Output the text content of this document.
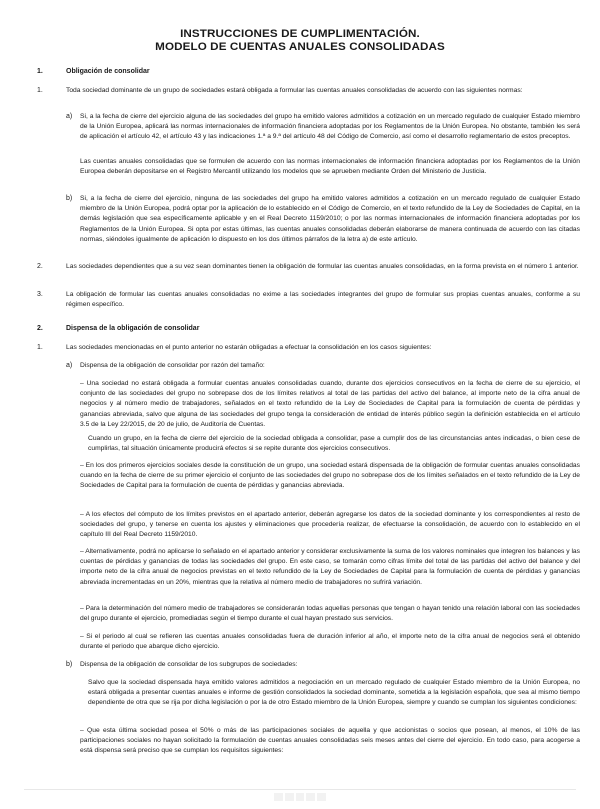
INSTRUCCIONES DE CUMPLIMENTACIÓN.
MODELO DE CUENTAS ANUALES CONSOLIDADAS
1.	Obligación de consolidar
1.	Toda sociedad dominante de un grupo de sociedades estará obligada a formular las cuentas anuales consolidadas de acuerdo con las siguientes normas:
a) Si, a la fecha de cierre del ejercicio alguna de las sociedades del grupo ha emitido valores admitidos a cotización en un mercado regulado de cualquier Estado miembro de la Unión Europea, aplicará las normas internacionales de información financiera adoptadas por los Reglamentos de la Unión Europea. No obstante, también les será de aplicación el artículo 42, el artículo 43 y las indicaciones 1.ª a 9.ª del artículo 48 del Código de Comercio, así como el desarrollo reglamentario de estos preceptos.
Las cuentas anuales consolidadas que se formulen de acuerdo con las normas internacionales de información financiera adoptadas por los Reglamentos de la Unión Europea deberán depositarse en el Registro Mercantil utilizando los modelos que se aprueben mediante Orden del Ministerio de Justicia.
b) Si, a la fecha de cierre del ejercicio, ninguna de las sociedades del grupo ha emitido valores admitidos a cotización en un mercado regulado de cualquier Estado miembro de la Unión Europea, podrá optar por la aplicación de lo establecido en el Código de Comercio, en el texto refundido de la Ley de Sociedades de Capital, en la demás legislación que sea específicamente aplicable y en el Real Decreto 1159/2010; o por las normas internacionales de información financiera adoptadas por los Reglamentos de la Unión Europea. Si opta por estas últimas, las cuentas anuales consolidadas deberán elaborarse de manera continuada de acuerdo con las citadas normas, siéndoles igualmente de aplicación lo dispuesto en los dos últimos párrafos de la letra a) de este artículo.
2.	Las sociedades dependientes que a su vez sean dominantes tienen la obligación de formular las cuentas anuales consolidadas, en la forma prevista en el número 1 anterior.
3.	La obligación de formular las cuentas anuales consolidadas no exime a las sociedades integrantes del grupo de formular sus propias cuentas anuales, conforme a su régimen específico.
2.	Dispensa de la obligación de consolidar
1.	Las sociedades mencionadas en el punto anterior no estarán obligadas a efectuar la consolidación en los casos siguientes:
a) Dispensa de la obligación de consolidar por razón del tamaño:
– Una sociedad no estará obligada a formular cuentas anuales consolidadas cuando, durante dos ejercicios consecutivos en la fecha de cierre de su ejercicio, el conjunto de las sociedades del grupo no sobrepase dos de los límites relativos al total de las partidas del activo del balance, al importe neto de la cifra anual de negocios y al número medio de trabajadores, señalados en el texto refundido de la Ley de Sociedades de Capital para la formulación de cuenta de pérdidas y ganancias abreviada, salvo que alguna de las sociedades del grupo tenga la consideración de entidad de interés público según la definición establecida en el artículo 3.5 de la Ley 22/2015, de 20 de julio, de Auditoría de Cuentas.
Cuando un grupo, en la fecha de cierre del ejercicio de la sociedad obligada a consolidar, pase a cumplir dos de las circunstancias antes indicadas, o bien cese de cumplirlas, tal situación únicamente producirá efectos si se repite durante dos ejercicios consecutivos.
– En los dos primeros ejercicios sociales desde la constitución de un grupo, una sociedad estará dispensada de la obligación de formular cuentas anuales consolidadas cuando en la fecha de cierre de su primer ejercicio el conjunto de las sociedades del grupo no sobrepase dos de los límites señalados en el texto refundido de la Ley de Sociedades de Capital para la formulación de cuenta de pérdidas y ganancias abreviada.
– A los efectos del cómputo de los límites previstos en el apartado anterior, deberán agregarse los datos de la sociedad dominante y los correspondientes al resto de sociedades del grupo, y tenerse en cuenta los ajustes y eliminaciones que procedería realizar, de efectuarse la consolidación, de acuerdo con lo establecido en el capítulo III del Real Decreto 1159/2010.
– Alternativamente, podrá no aplicarse lo señalado en el apartado anterior y considerar exclusivamente la suma de los valores nominales que integren los balances y las cuentas de pérdidas y ganancias de todas las sociedades del grupo. En este caso, se tomarán como cifras límite del total de las partidas del activo del balance y del importe neto de la cifra anual de negocios previstas en el texto refundido de la Ley de Sociedades de Capital para la formulación de cuenta de pérdidas y ganancias abreviada incrementadas en un 20%, mientras que la relativa al número medio de trabajadores no sufrirá variación.
– Para la determinación del número medio de trabajadores se considerarán todas aquellas personas que tengan o hayan tenido una relación laboral con las sociedades del grupo durante el ejercicio, promediadas según el tiempo durante el cual hayan prestado sus servicios.
– Si el periodo al cual se refieren las cuentas anuales consolidadas fuera de duración inferior al año, el importe neto de la cifra anual de negocios será el obtenido durante el periodo que abarque dicho ejercicio.
b) Dispensa de la obligación de consolidar de los subgrupos de sociedades:
Salvo que la sociedad dispensada haya emitido valores admitidos a negociación en un mercado regulado de cualquier Estado miembro de la Unión Europea, no estará obligada a presentar cuentas anuales e informe de gestión consolidados la sociedad dominante, sometida a la legislación española, que sea al mismo tiempo dependiente de otra que se rija por dicha legislación o por la de otro Estado miembro de la Unión Europea, siempre y cuando se cumplan los siguientes condiciones:
– Que esta última sociedad posea el 50% o más de las participaciones sociales de aquella y que accionistas o socios que posean, al menos, el 10% de las participaciones sociales no hayan solicitado la formulación de cuentas anuales consolidadas seis meses antes del cierre del ejercicio. En todo caso, para acogerse a está dispensa será preciso que se cumplan los requisitos siguientes:
